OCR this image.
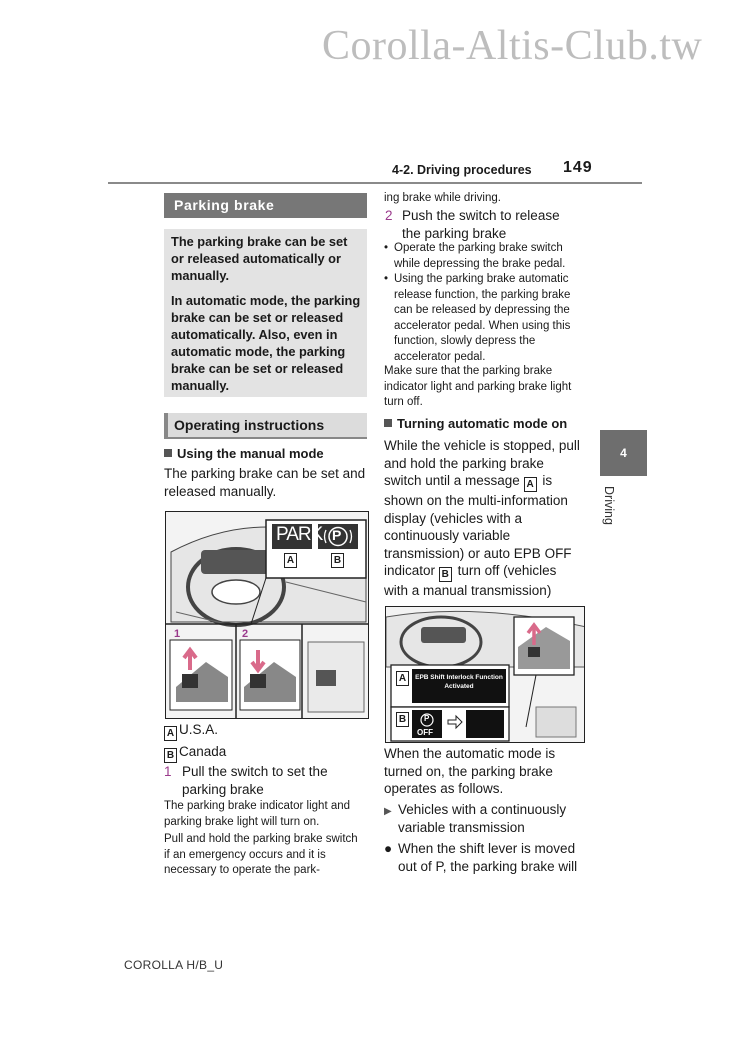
Corolla-Altis-Club.tw
4-2. Driving procedures 149
4
Driving
Parking brake

The parking brake can be set or released automatically or manually.

In automatic mode, the parking brake can be set or released automatically. Also, even in automatic mode, the parking brake can be set or released manually.

Operating instructions
Using the manual mode
The parking brake can be set and released manually.
PARK P
A	B
1	2
A U.S.A.
B Canada
1 Pull the switch to set the parking brake
The parking brake indicator light and parking brake light will turn on.
Pull and hold the parking brake switch if an emergency occurs and it is necessary to operate the park-
ing brake while driving.
2 Push the switch to release the parking brake
• Operate the parking brake switch while depressing the brake pedal.
• Using the parking brake automatic release function, the parking brake can be released by depressing the accelerator pedal. When using this function, slowly depress the accelerator pedal.
Make sure that the parking brake indicator light and parking brake light turn off.
Turning automatic mode on
While the vehicle is stopped, pull and hold the parking brake switch until a message A is shown on the multi-information display (vehicles with a continuously variable transmission) or auto EPB OFF indicator B turn off (vehicles with a manual transmission)
A
B
EPB Shift Interlock Function
Activated
P
OFF
When the automatic mode is turned on, the parking brake operates as follows.
▶ Vehicles with a continuously variable transmission
● When the shift lever is moved out of P, the parking brake will
COROLLA H/B_U
